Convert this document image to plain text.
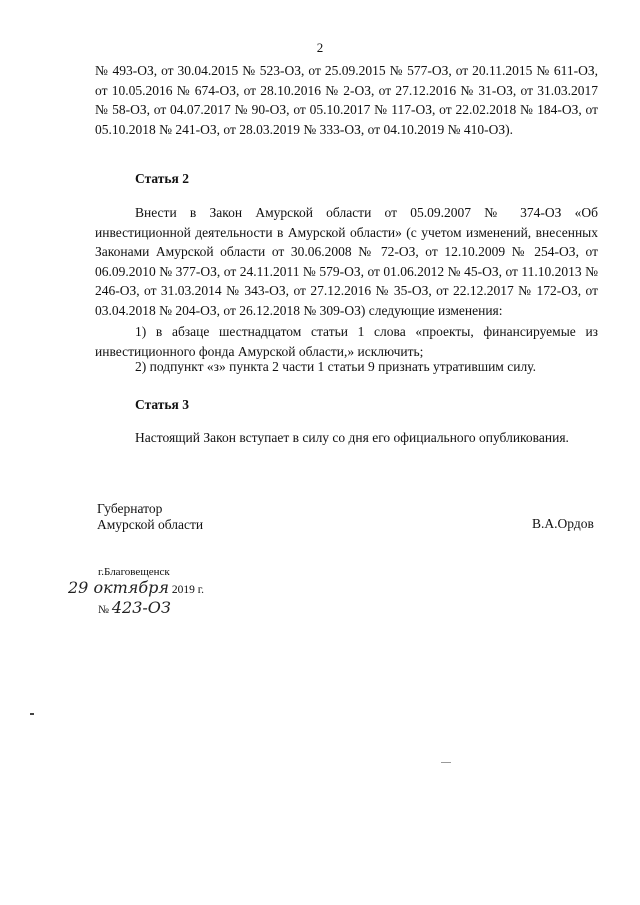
2
№ 493-ОЗ, от 30.04.2015 № 523-ОЗ, от 25.09.2015 № 577-ОЗ, от 20.11.2015 № 611-ОЗ, от 10.05.2016 № 674-ОЗ, от 28.10.2016 № 2-ОЗ, от 27.12.2016 № 31-ОЗ, от 31.03.2017 № 58-ОЗ, от 04.07.2017 № 90-ОЗ, от 05.10.2017 № 117-ОЗ, от 22.02.2018 № 184-ОЗ, от 05.10.2018 № 241-ОЗ, от 28.03.2019 № 333-ОЗ, от 04.10.2019 № 410-ОЗ).
Статья 2
Внести в Закон Амурской области от 05.09.2007 № 374-ОЗ «Об инвестиционной деятельности в Амурской области» (с учетом изменений, внесенных Законами Амурской области от 30.06.2008 № 72-ОЗ, от 12.10.2009 № 254-ОЗ, от 06.09.2010 № 377-ОЗ, от 24.11.2011 № 579-ОЗ, от 01.06.2012 № 45-ОЗ, от 11.10.2013 № 246-ОЗ, от 31.03.2014 № 343-ОЗ, от 27.12.2016 № 35-ОЗ, от 22.12.2017 № 172-ОЗ, от 03.04.2018 № 204-ОЗ, от 26.12.2018 № 309-ОЗ) следующие изменения:
1) в абзаце шестнадцатом статьи 1 слова «проекты, финансируемые из инвестиционного фонда Амурской области,» исключить;
2) подпункт «з» пункта 2 части 1 статьи 9 признать утратившим силу.
Статья 3
Настоящий Закон вступает в силу со дня его официального опубликования.
Губернатор
Амурской области	В.А.Ордов
г.Благовещенск
29 октября 2019 г.
№ 423-ОЗ
